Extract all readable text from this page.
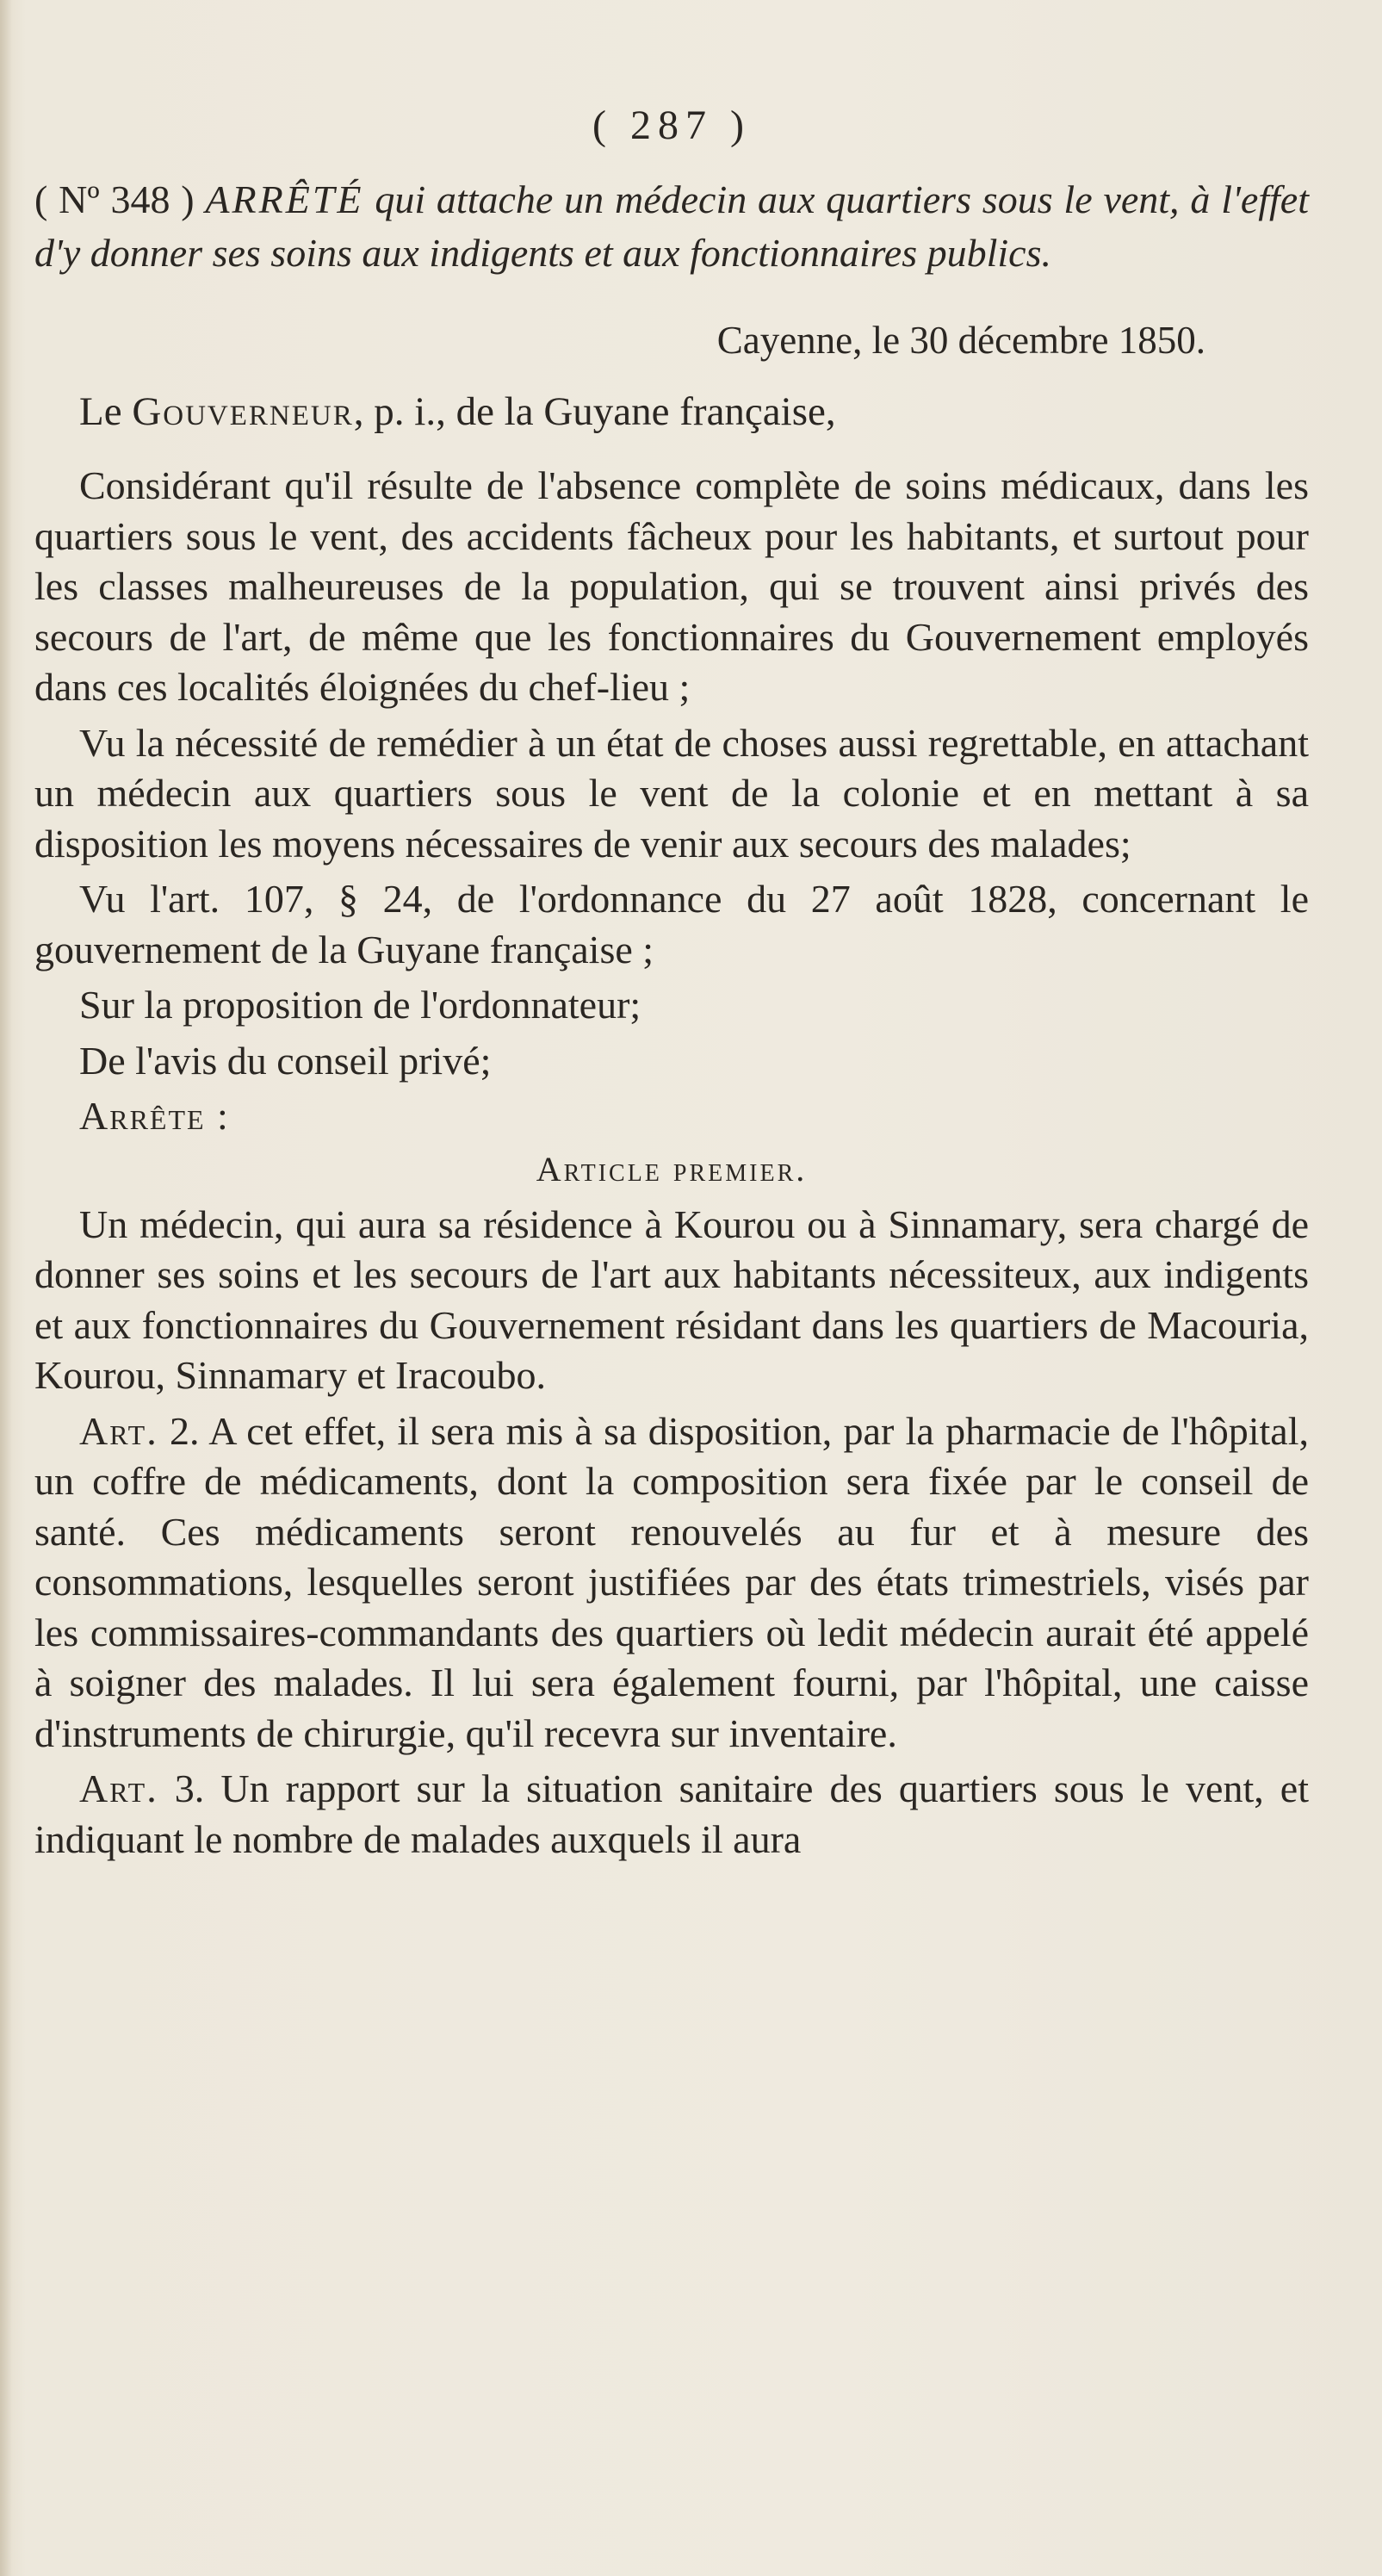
( 287 )
( Nº 348 ) ARRÊTÉ qui attache un médecin aux quartiers sous le vent, à l'effet d'y donner ses soins aux indigents et aux fonctionnaires publics.
Cayenne, le 30 décembre 1850.
Le Gouverneur, p. i., de la Guyane française,

Considérant qu'il résulte de l'absence complète de soins médicaux, dans les quartiers sous le vent, des accidents fâcheux pour les habitants, et surtout pour les classes malheureuses de la population, qui se trouvent ainsi privés des secours de l'art, de même que les fonctionnaires du Gouvernement employés dans ces localités éloignées du chef-lieu ;

Vu la nécessité de remédier à un état de choses aussi regrettable, en attachant un médecin aux quartiers sous le vent de la colonie et en mettant à sa disposition les moyens nécessaires de venir aux secours des malades;

Vu l'art. 107, § 24, de l'ordonnance du 27 août 1828, concernant le gouvernement de la Guyane française ;

Sur la proposition de l'ordonnateur;
De l'avis du conseil privé;
Arrête :
Article premier.

Un médecin, qui aura sa résidence à Kourou ou à Sinnamary, sera chargé de donner ses soins et les secours de l'art aux habitants nécessiteux, aux indigents et aux fonctionnaires du Gouvernement résidant dans les quartiers de Macouria, Kourou, Sinnamary et Iracoubo.

Art. 2. A cet effet, il sera mis à sa disposition, par la pharmacie de l'hôpital, un coffre de médicaments, dont la composition sera fixée par le conseil de santé. Ces médicaments seront renouvelés au fur et à mesure des consommations, lesquelles seront justifiées par des états trimestriels, visés par les commissaires-commandants des quartiers où ledit médecin aurait été appelé à soigner des malades. Il lui sera également fourni, par l'hôpital, une caisse d'instruments de chirurgie, qu'il recevra sur inventaire.

Art. 3. Un rapport sur la situation sanitaire des quartiers sous le vent, et indiquant le nombre de malades auxquels il aura
